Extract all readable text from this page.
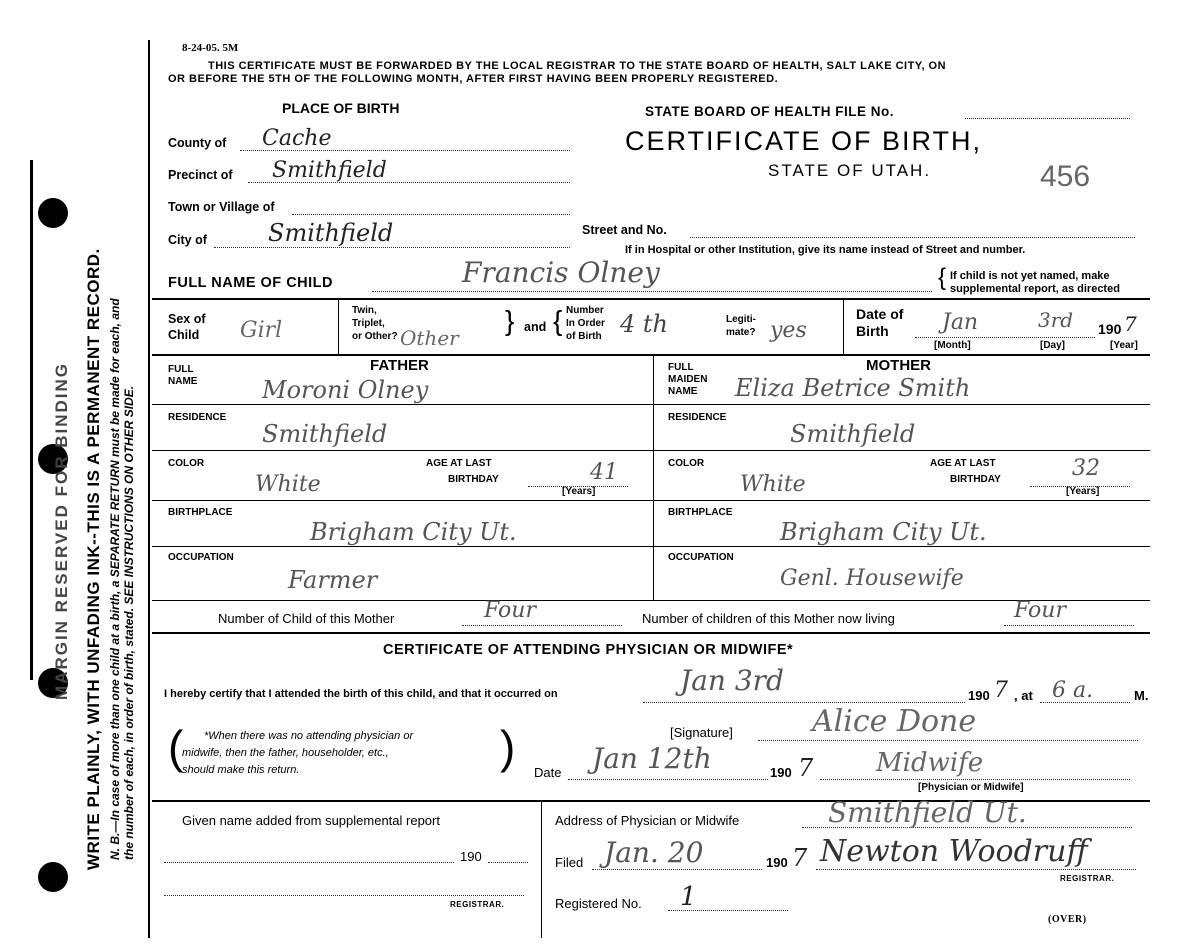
WRITE PLAINLY, WITH UNFADING INK--THIS IS A PERMANENT RECORD.
MARGIN RESERVED FOR BINDING	N. B.—In case of more than one child at a birth, a SEPARATE RETURN must be made for each, and the number of each, in order of birth, stated. SEE INSTRUCTIONS ON OTHER SIDE.
8-24-05. 5M
THIS CERTIFICATE MUST BE FORWARDED BY THE LOCAL REGISTRAR TO THE STATE BOARD OF HEALTH, SALT LAKE CITY, ON
OR BEFORE THE 5TH OF THE FOLLOWING MONTH, AFTER FIRST HAVING BEEN PROPERLY REGISTERED.
PLACE OF BIRTH
County of Cache
Precinct of Smithfield
Town or Village of
City of	Smithfield
STATE BOARD OF HEALTH FILE No.
CERTIFICATE OF BIRTH,
STATE OF UTAH.	456
Street and No.
If in Hospital or other Institution, give its name instead of Street and number.
FULL NAME OF CHILD	Francis Olney	{ If child is not yet named, make
supplemental report, as directed
Sex of
Child Girl
Twin,
Triplet,
or Other? Other
} and { Number
In Order
of Birth 4 th	Legiti-
mate? yes
Date of
Birth Jan	3rd 190 7
[Month]	[Day]	[Year]
FATHER
FULL
NAME	Moroni Olney
RESIDENCE
Smithfield
COLOR
White
AGE AT LAST
BIRTHDAY	41
[Years]
BIRTHPLACE
Brigham City Ut.
OCCUPATION
Farmer
MOTHER
FULL
MAIDEN
NAME Eliza Betrice Smith
RESIDENCE
Smithfield
COLOR
White
AGE AT LAST
BIRTHDAY	32
[Years]
BIRTHPLACE
Brigham City Ut.
OCCUPATION
Genl. Housewife
Number of Child of this Mother	Four	Number of children of this Mother now living	Four
CERTIFICATE OF ATTENDING PHYSICIAN OR MIDWIFE*
I hereby certify that I attended the birth of this child, and that it occurred on	Jan 3rd	190 7 , at 6 a.	M.
( *When there was no attending physician or
midwife, then the father, householder, etc.,
should make this return.	)	[Signature]	Alice Done
Date Jan 12th	190 7 Midwife
[Physician or Midwife]
Given name added from supplemental report
190
REGISTRAR.
Address of Physician or Midwife	Smithfield Ut.
Filed Jan. 20	190 7 Newton Woodruff
REGISTRAR.
Registered No. 1
(OVER)
